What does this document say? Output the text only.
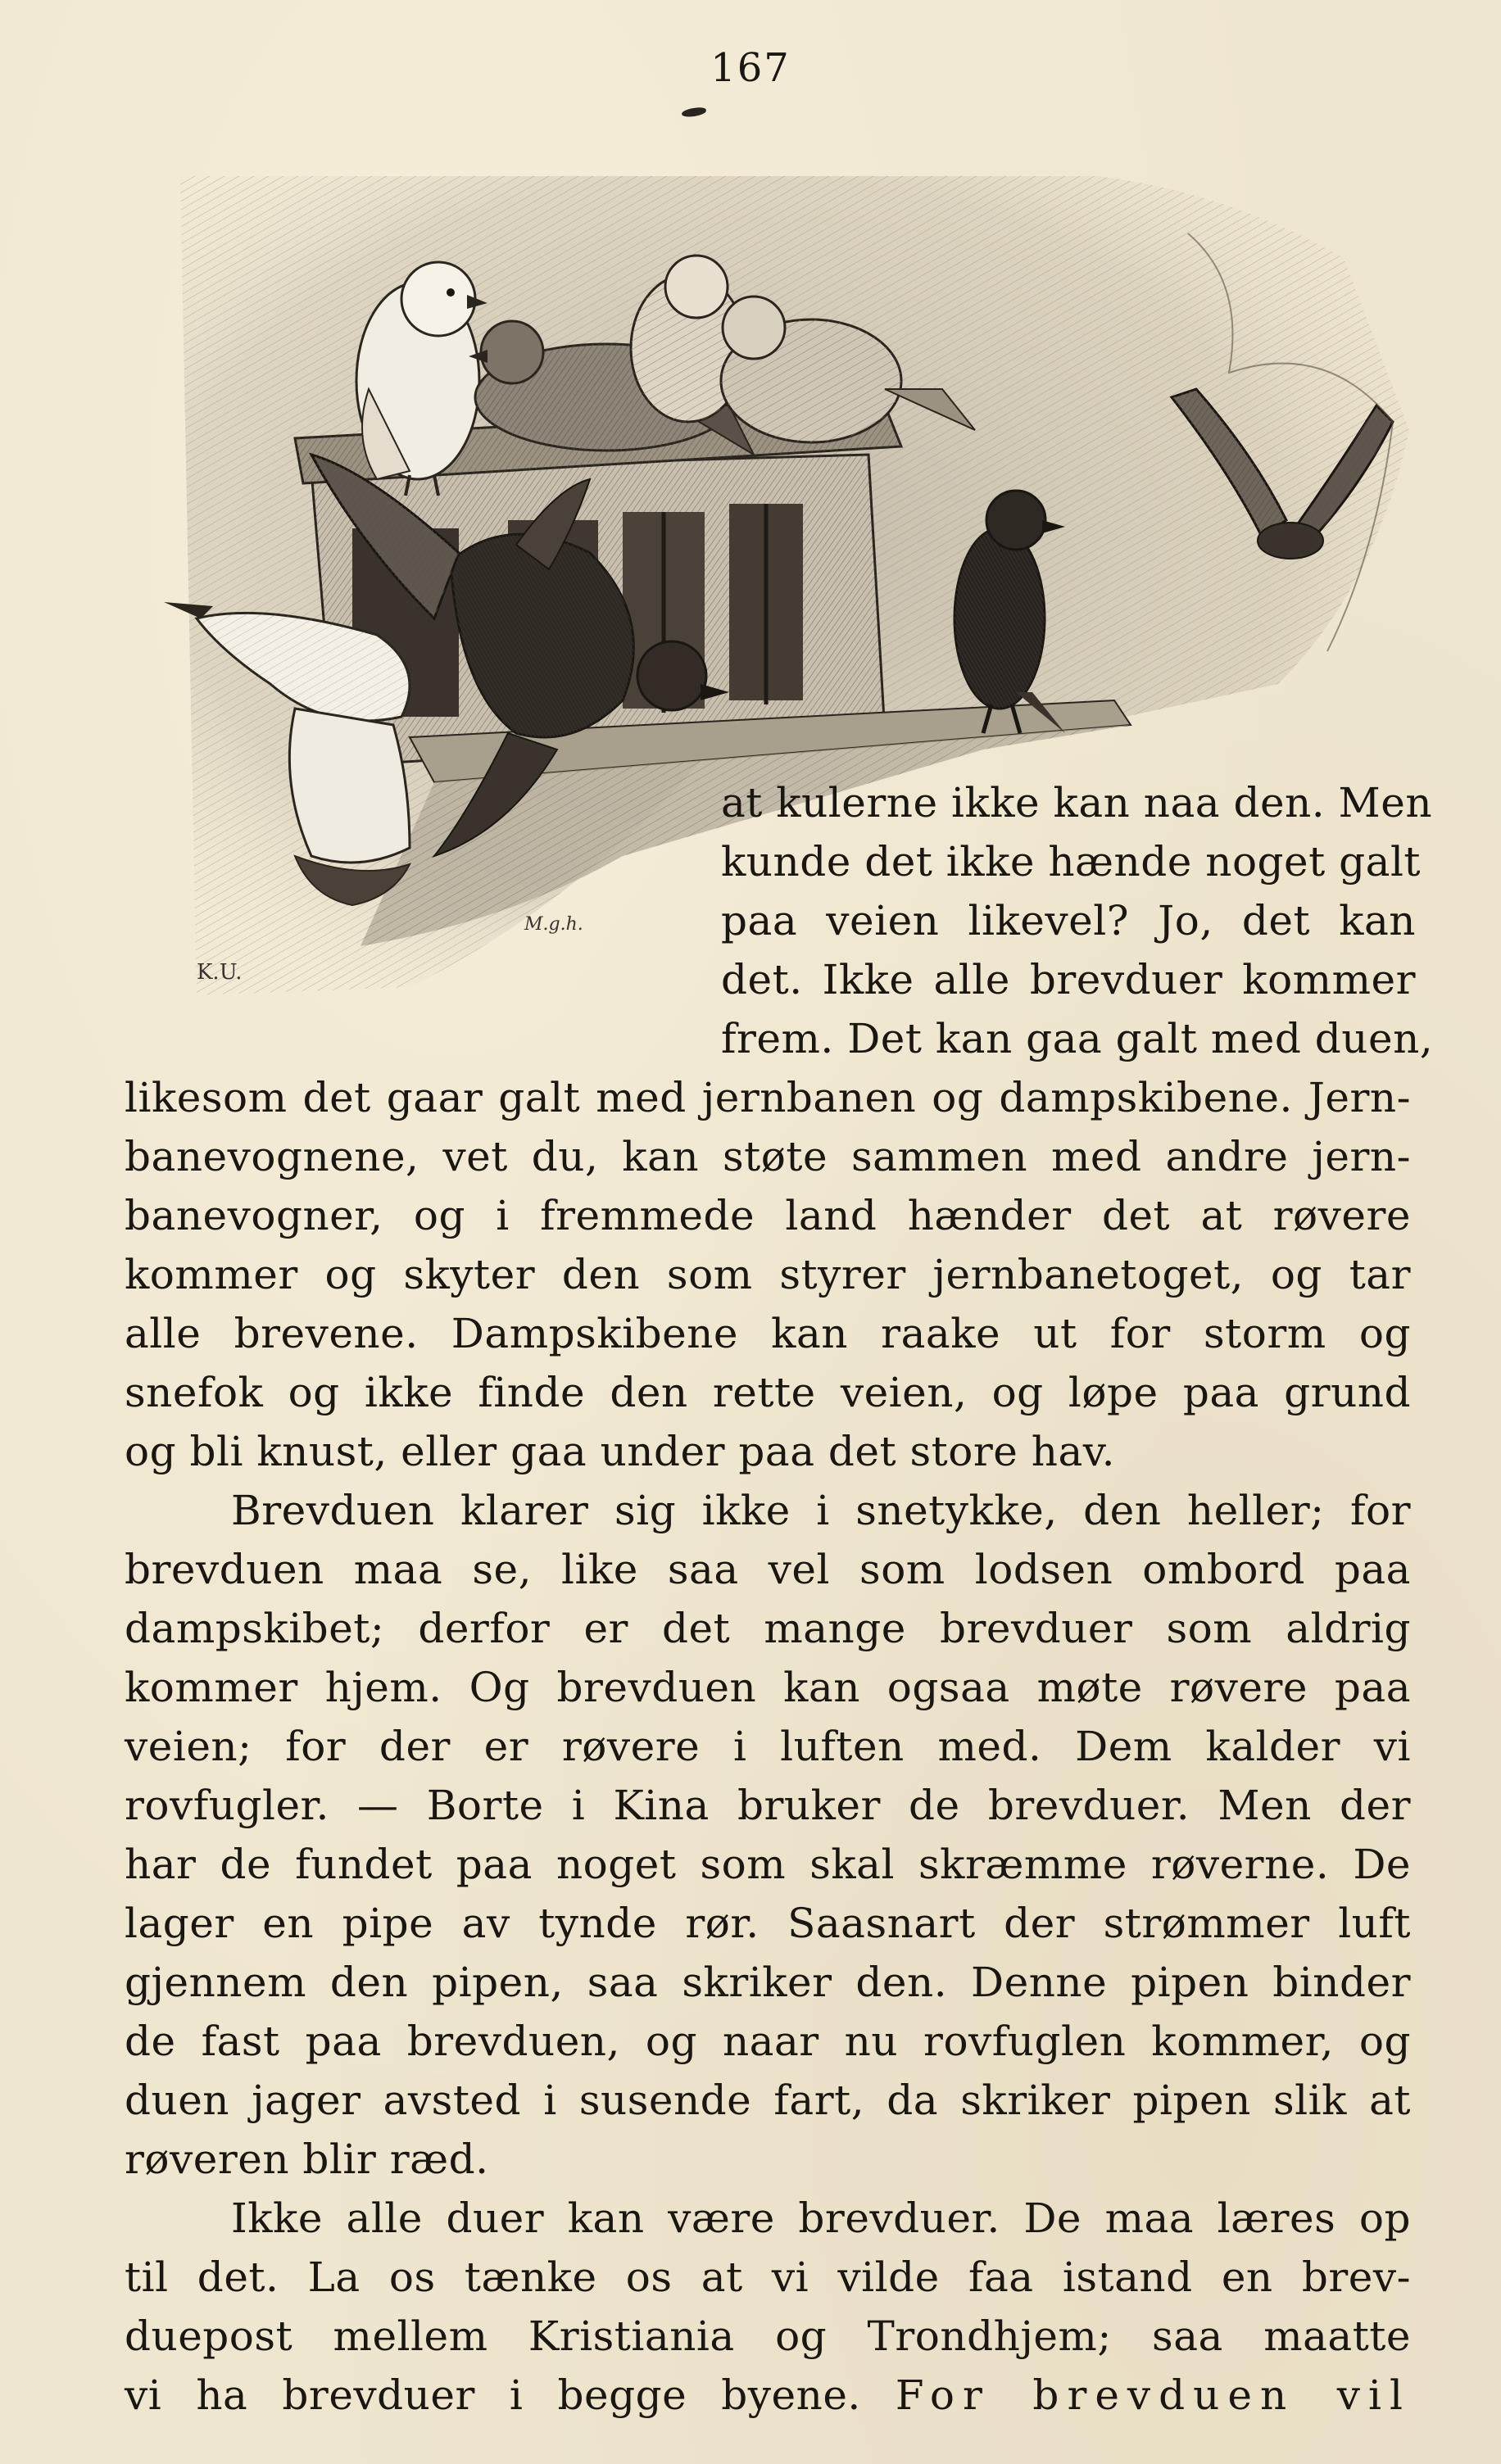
167
K.U.
M.g.h.
at kulerne ikke kan naa den. Men
kunde det ikke hænde noget galt
paa veien likevel? Jo, det kan
det. Ikke alle brevduer kommer
frem. Det kan gaa galt med duen,
likesom det gaar galt med jernbanen og dampskibene. Jern-
banevognene, vet du, kan støte sammen med andre jern-
banevogner, og i fremmede land hænder det at røvere
kommer og skyter den som styrer jernbanetoget, og tar
alle brevene. Dampskibene kan raake ut for storm og
snefok og ikke finde den rette veien, og løpe paa grund
og bli knust, eller gaa under paa det store hav.
Brevduen klarer sig ikke i snetykke, den heller; for
brevduen maa se, like saa vel som lodsen ombord paa
dampskibet; derfor er det mange brevduer som aldrig
kommer hjem. Og brevduen kan ogsaa møte røvere paa
veien; for der er røvere i luften med. Dem kalder vi
rovfugler. — Borte i Kina bruker de brevduer. Men der
har de fundet paa noget som skal skræmme røverne. De
lager en pipe av tynde rør. Saasnart der strømmer luft
gjennem den pipen, saa skriker den. Denne pipen binder
de fast paa brevduen, og naar nu rovfuglen kommer, og
duen jager avsted i susende fart, da skriker pipen slik at
røveren blir ræd.
Ikke alle duer kan være brevduer. De maa læres op
til det. La os tænke os at vi vilde faa istand en brev-
duepost mellem Kristiania og Trondhjem; saa maatte
vi ha brevduer i begge byene. For brevduen vil
